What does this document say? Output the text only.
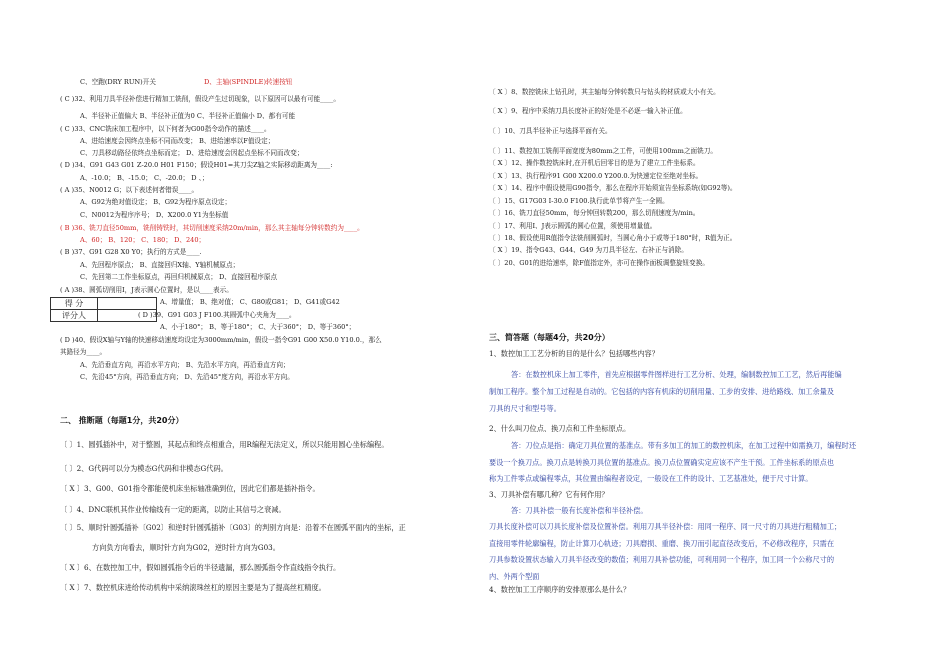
C、空跑(DRY RUN)开关	D、主轴(SPINDLE)转速按钮
( C )32、利用刀具半径补偿进行精加工铣削，假设产生过切现象，以下原因可以最有可能____。
A、半径补正值偏大 B、半径补正值为0 C、半径补正值偏小 D、都有可能
( C )33、CNC铣床加工程序中，以下何者为G00指令动作的描述____。
A、进给速度会因终点坐标不同而改变； B、进给速率以F值设定；
C、刀具移动路径依终点坐标而定； D、进给速度会因起点坐标不同而改变；
( D )34、G91 G43 G01 Z-20.0 H01 F150；假设H01=其刀尖Z轴之实际移动距离为____:
A、-10.0； B、-15.0； C、-20.0； D 、；
( A )35、N0012 G；以下表述何者错误____。
A、G92为绝对值设定； B、G92为程序原点设定；
C、N0012为程序序号； D、X200.0 Y1为坐标值
( B )36、铣刀直径50mm，铣削铸铁时，其切削速度采纳20m/min，那么其主轴每分钟转数约为____。
A、60； B、120； C、180； D、240；
( B )37、G91 G28 X0 Y0；执行的方式是____.
A、先回程序原点； B、直接回归X轴、Y轴机械原点；
C、先回第二工作坐标原点，再回归机械原点； D、直接回程序原点
( A )38、圆弧切削用I，J表示圆心位置时，是以____表示。
A、增量值； B、绝对值； C、G80或G81； D、G41或G42
( D )39、G91 G03 J F100.其圆弧中心夹角为____。
A、小于180°； B、等于180°； C、大于360°； D、等于360°；
( D )40、假设X轴与Y轴的快速移动速度均设定为3000mm/min，假设一指令G91 G00 X50.0 Y10.0.，那么
其路径为____。
A、先沿垂直方向，再沿水平方向； B、先沿水平方向，再沿垂直方向；
C、先沿45°方向，再沿垂直方向； D、先沿45°度方向，再沿水平方向。
得 分	
评分人	
二、 推断题（每题1分，共20分）
三、简答题（每题4分，共20分）
〔 〕1、圆弧插补中，对于整圆，其起点和终点相重合，用R编程无法定义，所以只能用圆心坐标编程。
〔 〕2、G代码可以分为模态G代码和非模态G代码。
〔 X 〕3、G00、G01指令都能使机床坐标轴准确到位，因此它们都是插补指令。
〔 〕4、DNC联机其作业传输线有一定的距离，以防止其信号之衰减。
〔 〕5、顺时针圆弧插补〔G02〕和逆时针圆弧插补〔G03〕的判别方向是：沿着不在圆弧平面内的坐标，正
方向负方向看去，顺时针方向为G02，逆时针方向为G03。
〔 X 〕6、在数控加工中，假如圆弧指令后的半径遗漏，那么圆弧指令作直线指令执行。
〔 X 〕7、数控机床进给传动机构中采纳滚珠丝杠的原因主要是为了提高丝杠精度。
〔 X 〕8、数控铣床上钻孔时，其主轴每分钟转数只与钻头的材质或大小有关。
〔 X 〕9、程序中采纳刀具长度补正的好处是不必逐一输入补正值。
〔 〕10、刀具半径补正与选择平面有关。
〔 〕11、数控加工铣削平面宽度为80mm之工件，可使用100mm之面铣刀。
〔 X 〕12、操作数控铣床时,在开机后回零目的是为了建立工件坐标系。
〔 X 〕13、执行程序91 G00 X200.0 Y200.0.为快速定位至绝对坐标。
〔 X 〕14、程序中假设使用G90指令，那么在程序开始须宣告坐标系统(如G92等)。
〔 〕15、G17G03 I-30.0 F100.执行此单节将产生一全圆。
〔 〕16、铣刀直径50mm，每分钟回转数200，那么切削速度为/min。
〔 〕17、利用I、J表示圆弧的圆心位置，须使用增量值。
〔 〕18、假设使用R值指令法铣削圆弧时，当圆心角小于或等于180°时，R值为正。
〔 X 〕19、指令G43、G44、G49 为刀具半径左、右补正与消除。
〔 〕20、G01的进给速率，除F值指定外，亦可在操作面板调整旋钮变换。
1、数控加工工艺分析的目的是什么？包括哪些内容？
答：在数控机床上加工零件，首先应根据零件图样进行工艺分析、处理，编制数控加工工艺，然后再能编
制加工程序。整个加工过程是自动的。它包括的内容有机床的切削用量、工步的安排、进给路线、加工余量及
刀具的尺寸和型号等。
2、什么叫刀位点、换刀点和工件坐标原点。
答：刀位点是指：确定刀具位置的基准点。带有多加工的加工的数控机床，在加工过程中如需换刀，编程时还
要设一个换刀点。换刀点是转换刀具位置的基准点。换刀点位置确实定应该不产生干预。工件坐标系的原点也
称为工件零点或编程零点，其位置由编程者设定，一般设在工件的设计、工艺基准处，便于尺寸计算。
3、刀具补偿有哪几种？它有何作用？
答：刀具补偿一般有长度补偿和半径补偿。
刀具长度补偿可以刀具长度补偿及位置补偿。利用刀具半径补偿：用同一程序、同一尺寸的刀具进行粗精加工；
直接用零件轮廓编程，防止计算刀心轨迹；刀具磨损、重磨、换刀而引起直径改变后，不必修改程序，只需在
刀具参数设置状态输入刀具半径改变的数值；利用刀具补偿功能，可利用同一个程序，加工同一个公称尺寸的
内、外两个型面
4、数控加工工序顺序的安排原那么是什么？
